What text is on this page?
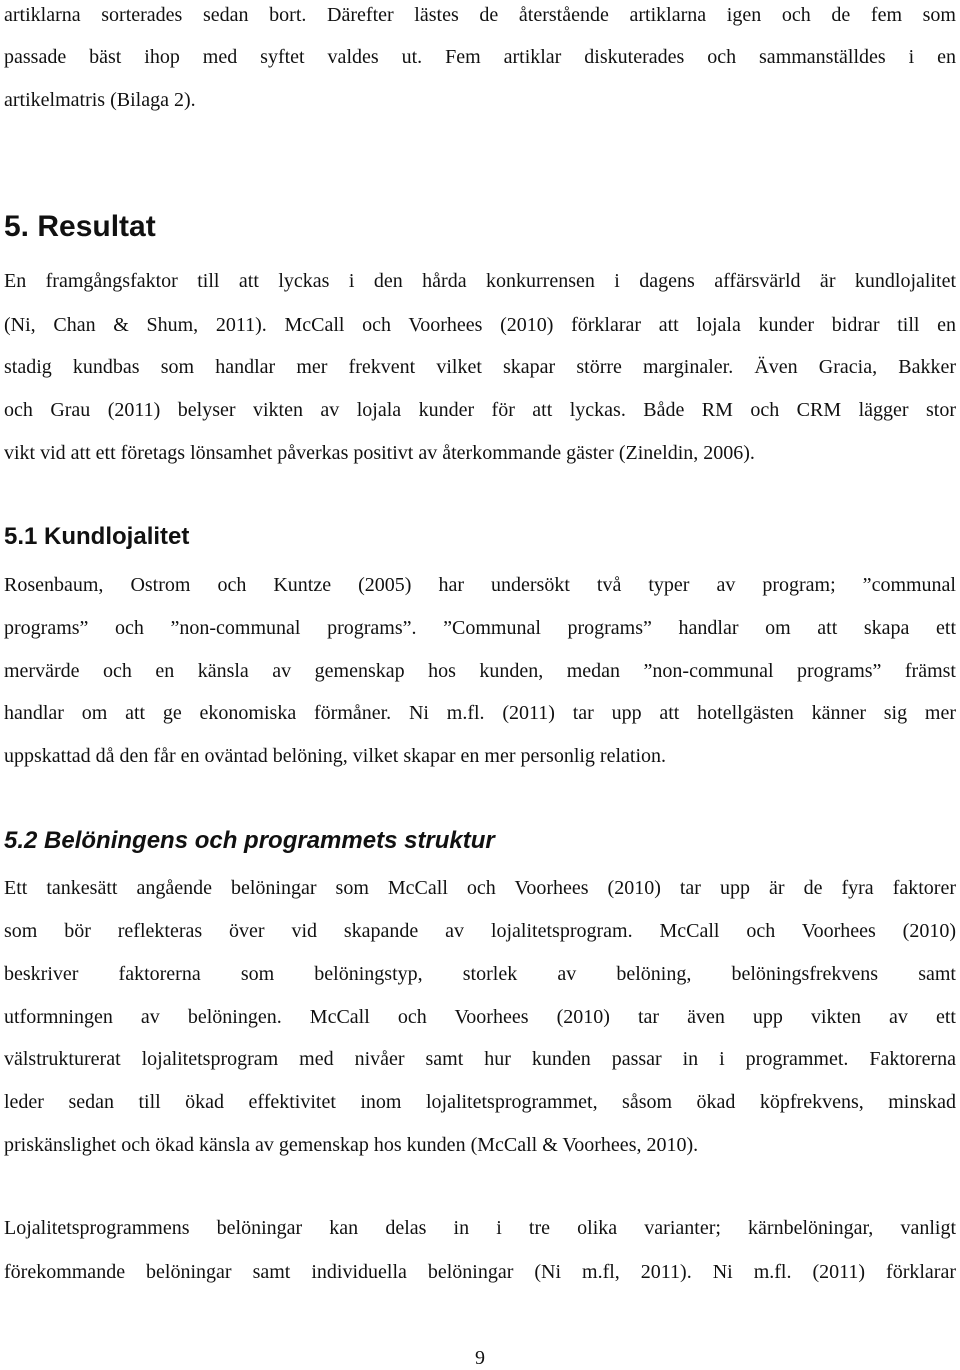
artiklarna sorterades sedan bort. Därefter lästes de återstående artiklarna igen och de fem som
passade bäst ihop med syftet valdes ut. Fem artiklar diskuterades och sammanställdes i en
artikelmatris (Bilaga 2).
5. Resultat
En framgångsfaktor till att lyckas i den hårda konkurrensen i dagens affärsvärld är kundlojalitet
(Ni, Chan & Shum, 2011). McCall och Voorhees (2010) förklarar att lojala kunder bidrar till en
stadig kundbas som handlar mer frekvent vilket skapar större marginaler. Även Gracia, Bakker
och Grau (2011) belyser vikten av lojala kunder för att lyckas. Både RM och CRM lägger stor
vikt vid att ett företags lönsamhet påverkas positivt av återkommande gäster (Zineldin, 2006).
5.1 Kundlojalitet
Rosenbaum, Ostrom och Kuntze (2005) har undersökt två typer av program; ”communal
programs” och ”non-communal programs”. ”Communal programs” handlar om att skapa ett
mervärde och en känsla av gemenskap hos kunden, medan ”non-communal programs” främst
handlar om att ge ekonomiska förmåner. Ni m.fl. (2011) tar upp att hotellgästen känner sig mer
uppskattad då den får en oväntad belöning, vilket skapar en mer personlig relation.
5.2 Belöningens och programmets struktur
Ett tankesätt angående belöningar som McCall och Voorhees (2010) tar upp är de fyra faktorer
som bör reflekteras över vid skapande av lojalitetsprogram. McCall och Voorhees (2010)
beskriver faktorerna som belöningstyp, storlek av belöning, belöningsfrekvens samt
utformningen av belöningen. McCall och Voorhees (2010) tar även upp vikten av ett
välstrukturerat lojalitetsprogram med nivåer samt hur kunden passar in i programmet. Faktorerna
leder sedan till ökad effektivitet inom lojalitetsprogrammet, såsom ökad köpfrekvens, minskad
priskänslighet och ökad känsla av gemenskap hos kunden (McCall & Voorhees, 2010).
Lojalitetsprogrammens belöningar kan delas in i tre olika varianter; kärnbelöningar, vanligt
förekommande belöningar samt individuella belöningar (Ni m.fl, 2011). Ni m.fl. (2011) förklarar
9
